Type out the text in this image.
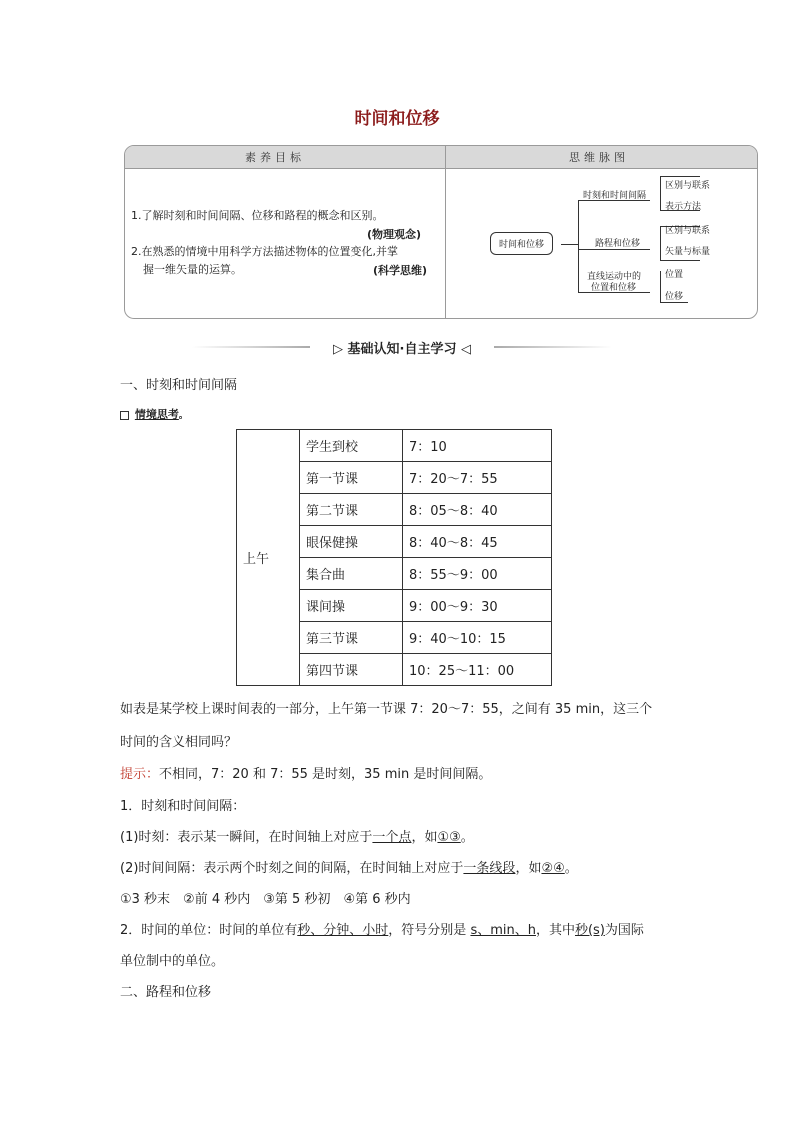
时间和位移
素养目标	思维脉图
1.了解时刻和时间间隔、位移和路程的概念和区别。
(物理观念)
2.在熟悉的情境中用科学方法描述物体的位置变化,并掌
握一维矢量的运算。	(科学思维)
时间和位移
时刻和时间间隔
路程和位移
直线运动中的
位置和位移
区别与联系
表示方法
区别与联系
矢量与标量
位置
位移
▷ 基础认知·自主学习 ◁
一、时刻和时间间隔
情境思考。
上午	学生到校	7：10
	第一节课	7：20～7：55
	第二节课	8：05～8：40
	眼保健操	8：40～8：45
	集合曲	8：55～9：00
	课间操	9：00～9：30
	第三节课	9：40～10：15
	第四节课	10：25～11：00
如表是某学校上课时间表的一部分，上午第一节课 7：20～7：55，之间有 35 min，这三个
时间的含义相同吗？
提示：不相同，7：20 和 7：55 是时刻，35 min 是时间间隔。
1．时刻和时间间隔：
(1)时刻：表示某一瞬间，在时间轴上对应于一个点，如①③。
(2)时间间隔：表示两个时刻之间的间隔，在时间轴上对应于一条线段，如②④。
①3 秒末　②前 4 秒内　③第 5 秒初　④第 6 秒内
2．时间的单位：时间的单位有秒、分钟、小时，符号分别是 s、min、h，其中秒(s)为国际
单位制中的单位。
二、路程和位移
